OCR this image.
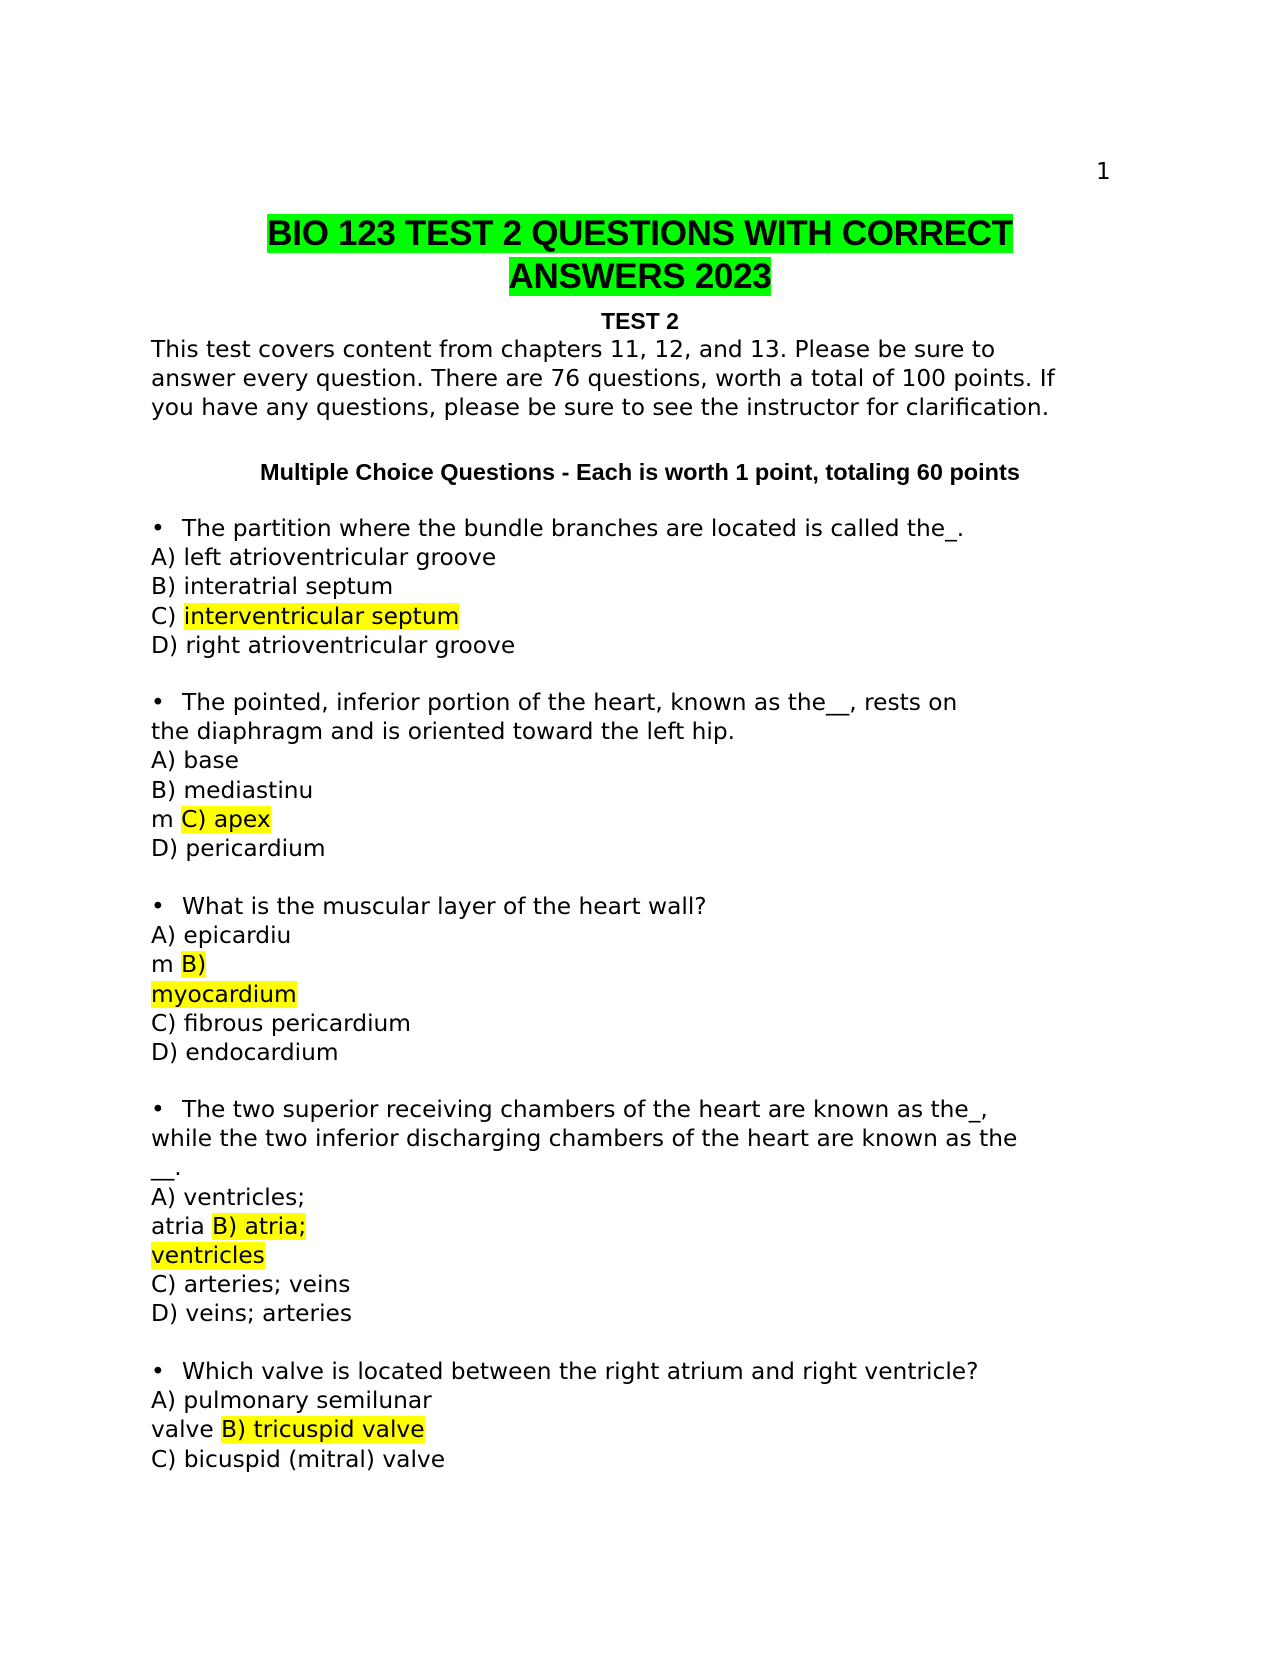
1
BIO 123 TEST 2 QUESTIONS WITH CORRECT
ANSWERS 2023
TEST 2
This test covers content from chapters 11, 12, and 13. Please be sure to
answer every question. There are 76 questions, worth a total of 100 points. If
you have any questions, please be sure to see the instructor for clarification.
Multiple Choice Questions - Each is worth 1 point, totaling 60 points
• The partition where the bundle branches are located is called the_.
A) left atrioventricular groove
B) interatrial septum
C) interventricular septum
D) right atrioventricular groove
• The pointed, inferior portion of the heart, known as the__, rests on
the diaphragm and is oriented toward the left hip.
A) base
B) mediastinu
m C) apex
D) pericardium
• What is the muscular layer of the heart wall?
A) epicardiu
m B)
myocardium
C) fibrous pericardium
D) endocardium
• The two superior receiving chambers of the heart are known as the_,
while the two inferior discharging chambers of the heart are known as the
__.
A) ventricles;
atria B) atria;
ventricles
C) arteries; veins
D) veins; arteries
• Which valve is located between the right atrium and right ventricle?
A) pulmonary semilunar
valve B) tricuspid valve
C) bicuspid (mitral) valve
